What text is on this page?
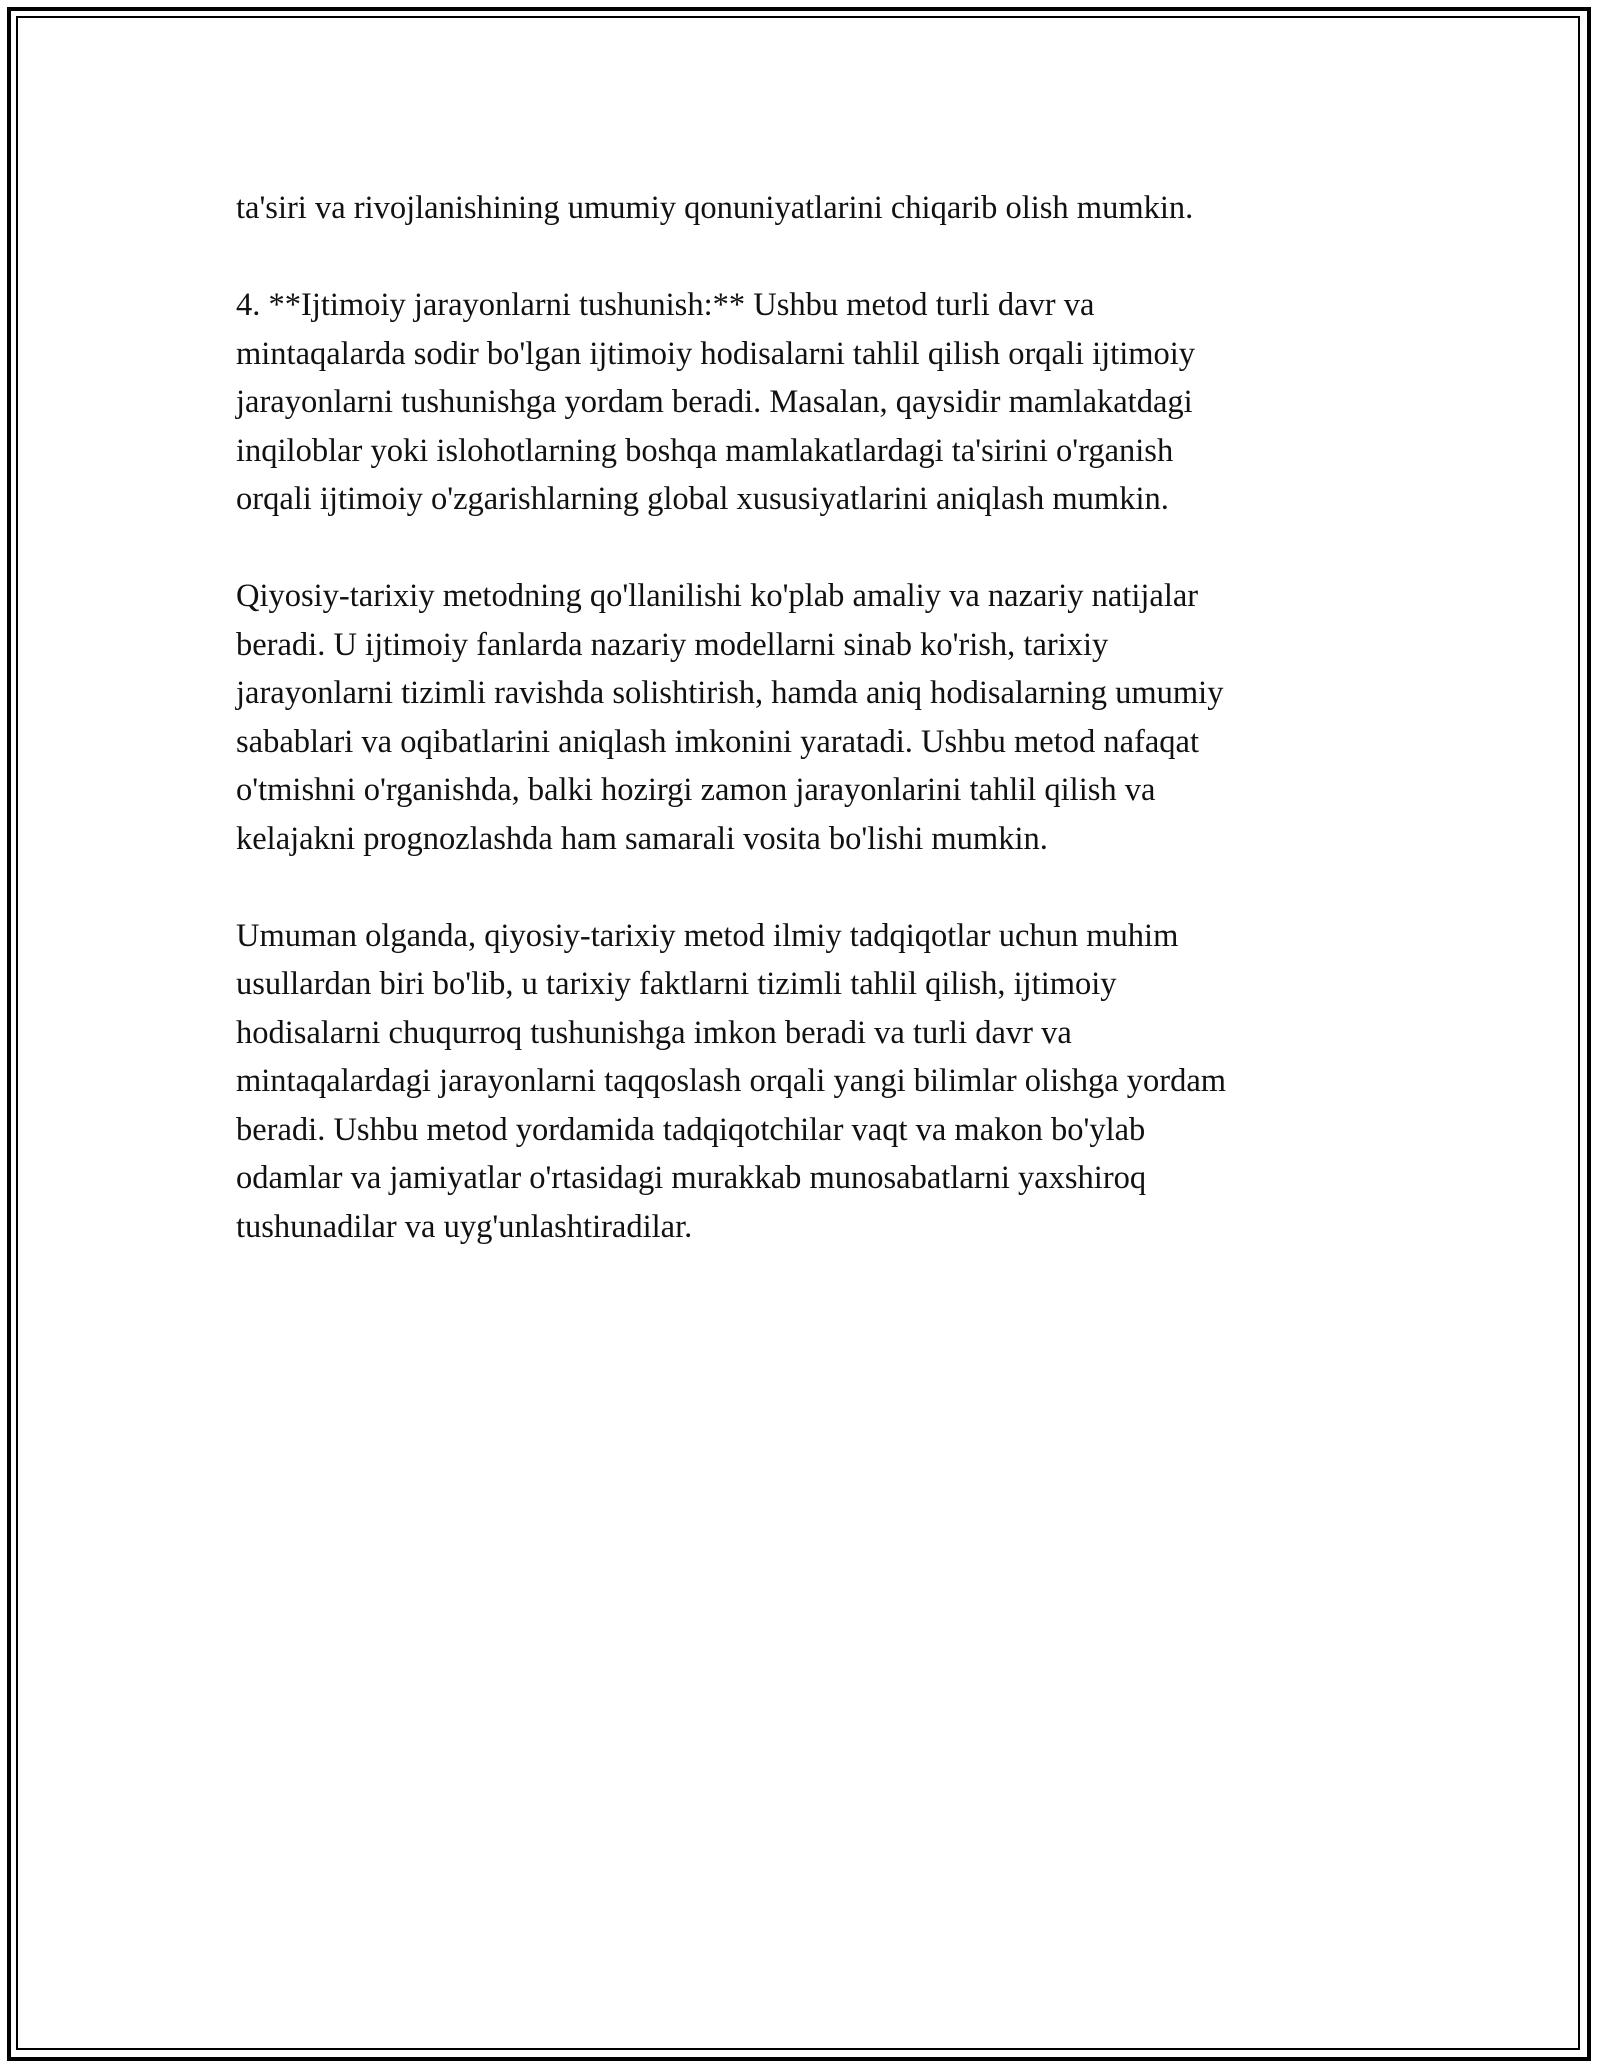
ta'siri va rivojlanishining umumiy qonuniyatlarini chiqarib olish mumkin.

4. **Ijtimoiy jarayonlarni tushunish:** Ushbu metod turli davr va
mintaqalarda sodir bo'lgan ijtimoiy hodisalarni tahlil qilish orqali ijtimoiy
jarayonlarni tushunishga yordam beradi. Masalan, qaysidir mamlakatdagi
inqiloblar yoki islohotlarning boshqa mamlakatlardagi ta'sirini o'rganish
orqali ijtimoiy o'zgarishlarning global xususiyatlarini aniqlash mumkin.

Qiyosiy-tarixiy metodning qo'llanilishi ko'plab amaliy va nazariy natijalar
beradi. U ijtimoiy fanlarda nazariy modellarni sinab ko'rish, tarixiy
jarayonlarni tizimli ravishda solishtirish, hamda aniq hodisalarning umumiy
sabablari va oqibatlarini aniqlash imkonini yaratadi. Ushbu metod nafaqat
o'tmishni o'rganishda, balki hozirgi zamon jarayonlarini tahlil qilish va
kelajakni prognozlashda ham samarali vosita bo'lishi mumkin.

Umuman olganda, qiyosiy-tarixiy metod ilmiy tadqiqotlar uchun muhim
usullardan biri bo'lib, u tarixiy faktlarni tizimli tahlil qilish, ijtimoiy
hodisalarni chuqurroq tushunishga imkon beradi va turli davr va
mintaqalardagi jarayonlarni taqqoslash orqali yangi bilimlar olishga yordam
beradi. Ushbu metod yordamida tadqiqotchilar vaqt va makon bo'ylab
odamlar va jamiyatlar o'rtasidagi murakkab munosabatlarni yaxshiroq
tushunadilar va uyg'unlashtiradilar.
